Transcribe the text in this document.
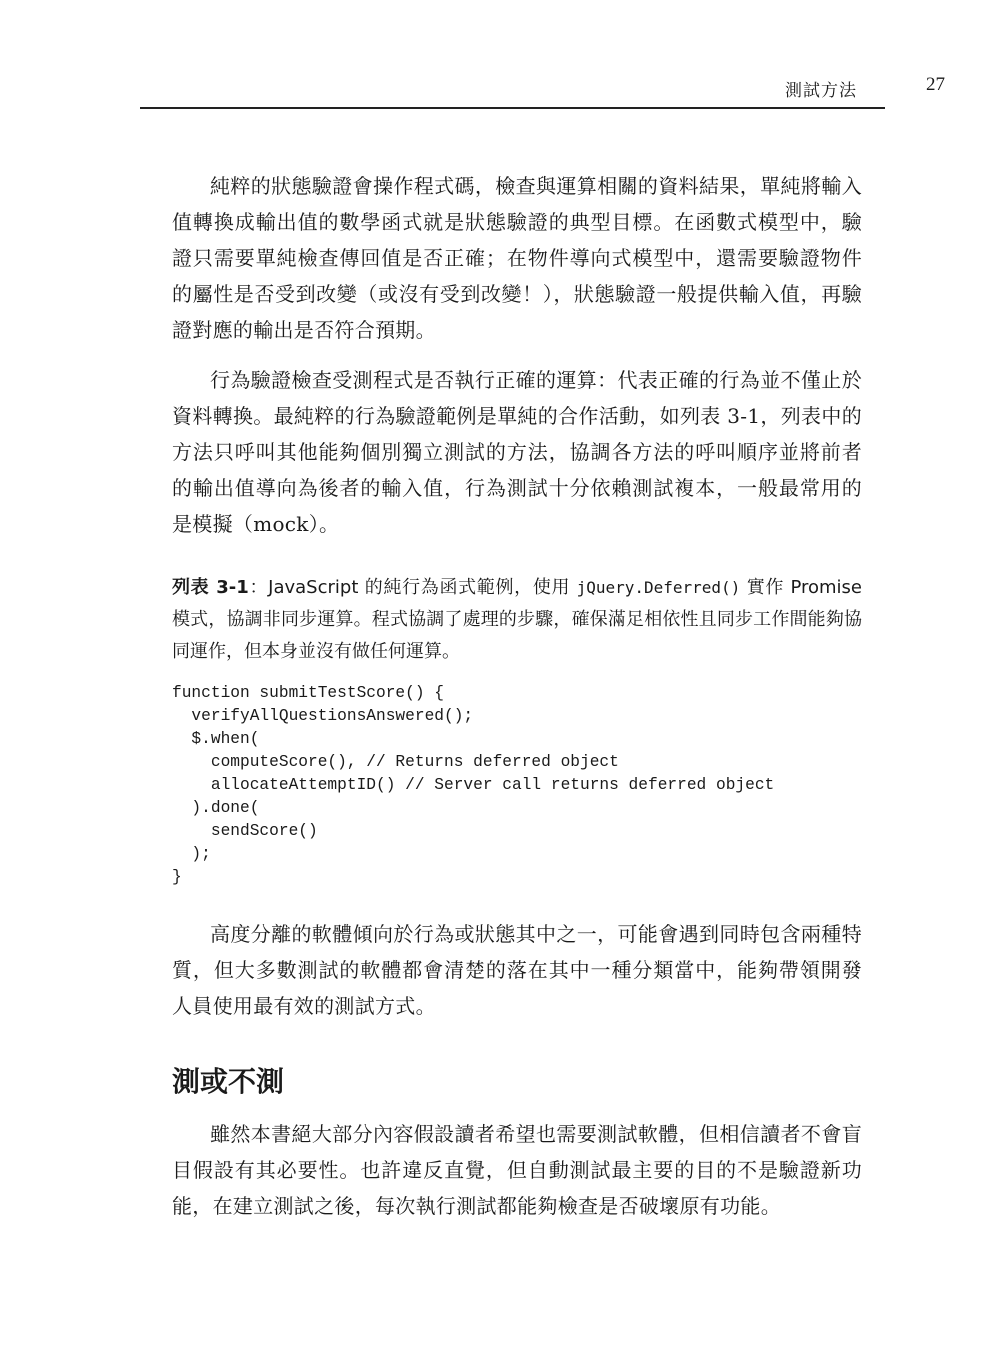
測試方法	27

純粹的狀態驗證會操作程式碼，檢查與運算相關的資料結果，單純將輸入值轉換成輸出值的數學函式就是狀態驗證的典型目標。在函數式模型中，驗證只需要單純檢查傳回值是否正確；在物件導向式模型中，還需要驗證物件的屬性是否受到改變（或沒有受到改變！），狀態驗證一般提供輸入值，再驗證對應的輸出是否符合預期。

行為驗證檢查受測程式是否執行正確的運算：代表正確的行為並不僅止於資料轉換。最純粹的行為驗證範例是單純的合作活動，如列表 3-1，列表中的方法只呼叫其他能夠個別獨立測試的方法，協調各方法的呼叫順序並將前者的輸出值導向為後者的輸入值，行為測試十分依賴測試複本，一般最常用的是模擬（mock）。

列表 3-1：JavaScript 的純行為函式範例，使用 jQuery.Deferred() 實作 Promise 模式，協調非同步運算。程式協調了處理的步驟，確保滿足相依性且同步工作間能夠協同運作，但本身並沒有做任何運算。

function submitTestScore() {
verifyAllQuestionsAnswered();
$.when(
computeScore(), // Returns deferred object
allocateAttemptID() // Server call returns deferred object
).done(
sendScore()
);
}

高度分離的軟體傾向於行為或狀態其中之一，可能會遇到同時包含兩種特質，但大多數測試的軟體都會清楚的落在其中一種分類當中，能夠帶領開發人員使用最有效的測試方式。

測或不測

雖然本書絕大部分內容假設讀者希望也需要測試軟體，但相信讀者不會盲目假設有其必要性。也許違反直覺，但自動測試最主要的目的不是驗證新功能，在建立測試之後，每次執行測試都能夠檢查是否破壞原有功能。
